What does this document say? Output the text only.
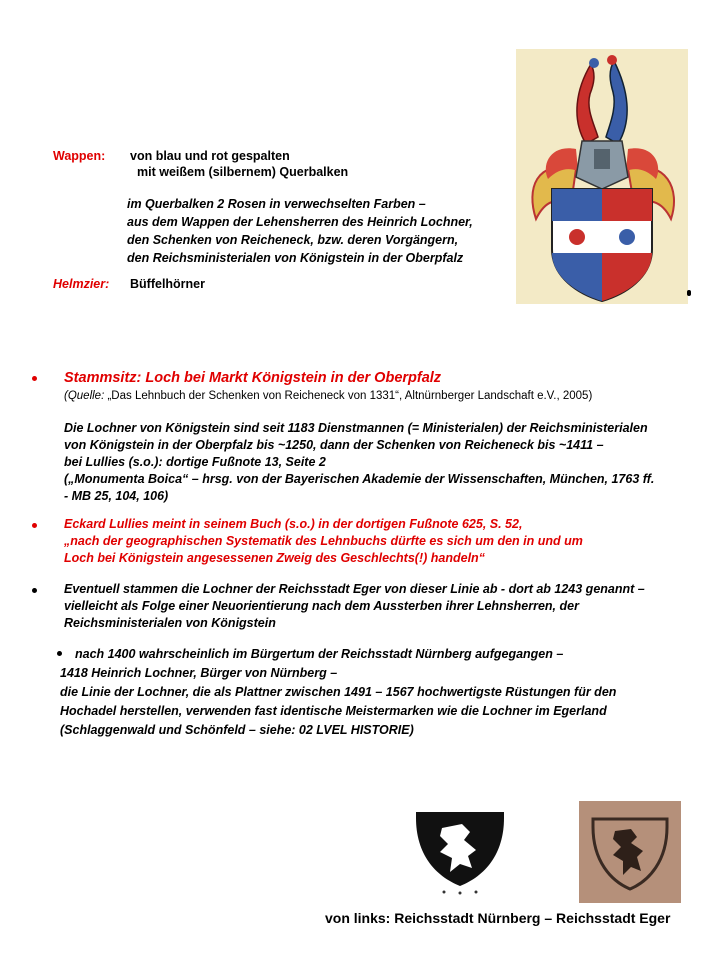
Wappen: von blau und rot gespalten
mit weißem (silbernem) Querbalken
im Querbalken 2 Rosen in verwechselten Farben –
aus dem Wappen der Lehensherren des Heinrich Lochner,
den Schenken von Reicheneck, bzw. deren Vorgängern,
den Reichsministerialen von Königstein in der Oberpfalz
Helmzier: Büffelhörner
Stammsitz: Loch bei Markt Königstein in der Oberpfalz
(Quelle: „Das Lehnbuch der Schenken von Reicheneck von 1331“, Altnürnberger Landschaft e.V., 2005)
Die Lochner von Königstein sind seit 1183 Dienstmannen (= Ministerialen) der Reichsministerialen
von Königstein in der Oberpfalz bis ~1250, dann der Schenken von Reicheneck bis ~1411 –
bei Lullies (s.o.): dortige Fußnote 13, Seite 2
(„Monumenta Boica“ – hrsg. von der Bayerischen Akademie der Wissenschaften, München, 1763 ff.
- MB 25, 104, 106)
Eckard Lullies meint in seinem Buch (s.o.) in der dortigen Fußnote 625, S. 52,
„nach der geographischen Systematik des Lehnbuchs dürfte es sich um den in und um
Loch bei Königstein angesessenen Zweig des Geschlechts(!) handeln“
Eventuell stammen die Lochner der Reichsstadt Eger von dieser Linie ab - dort ab 1243 genannt –
vielleicht als Folge einer Neuorientierung nach dem Aussterben ihrer Lehnsherren, der
Reichsministerialen von Königstein
nach 1400 wahrscheinlich im Bürgertum der Reichsstadt Nürnberg aufgegangen –
1418 Heinrich Lochner, Bürger von Nürnberg –
die Linie der Lochner, die als Plattner zwischen 1491 – 1567 hochwertigste Rüstungen für den
Hochadel herstellen, verwenden fast identische Meistermarken wie die Lochner im Egerland
(Schlaggenwald und Schönfeld – siehe: 02 LVEL HISTORIE)
von links: Reichsstadt Nürnberg – Reichsstadt Eger
